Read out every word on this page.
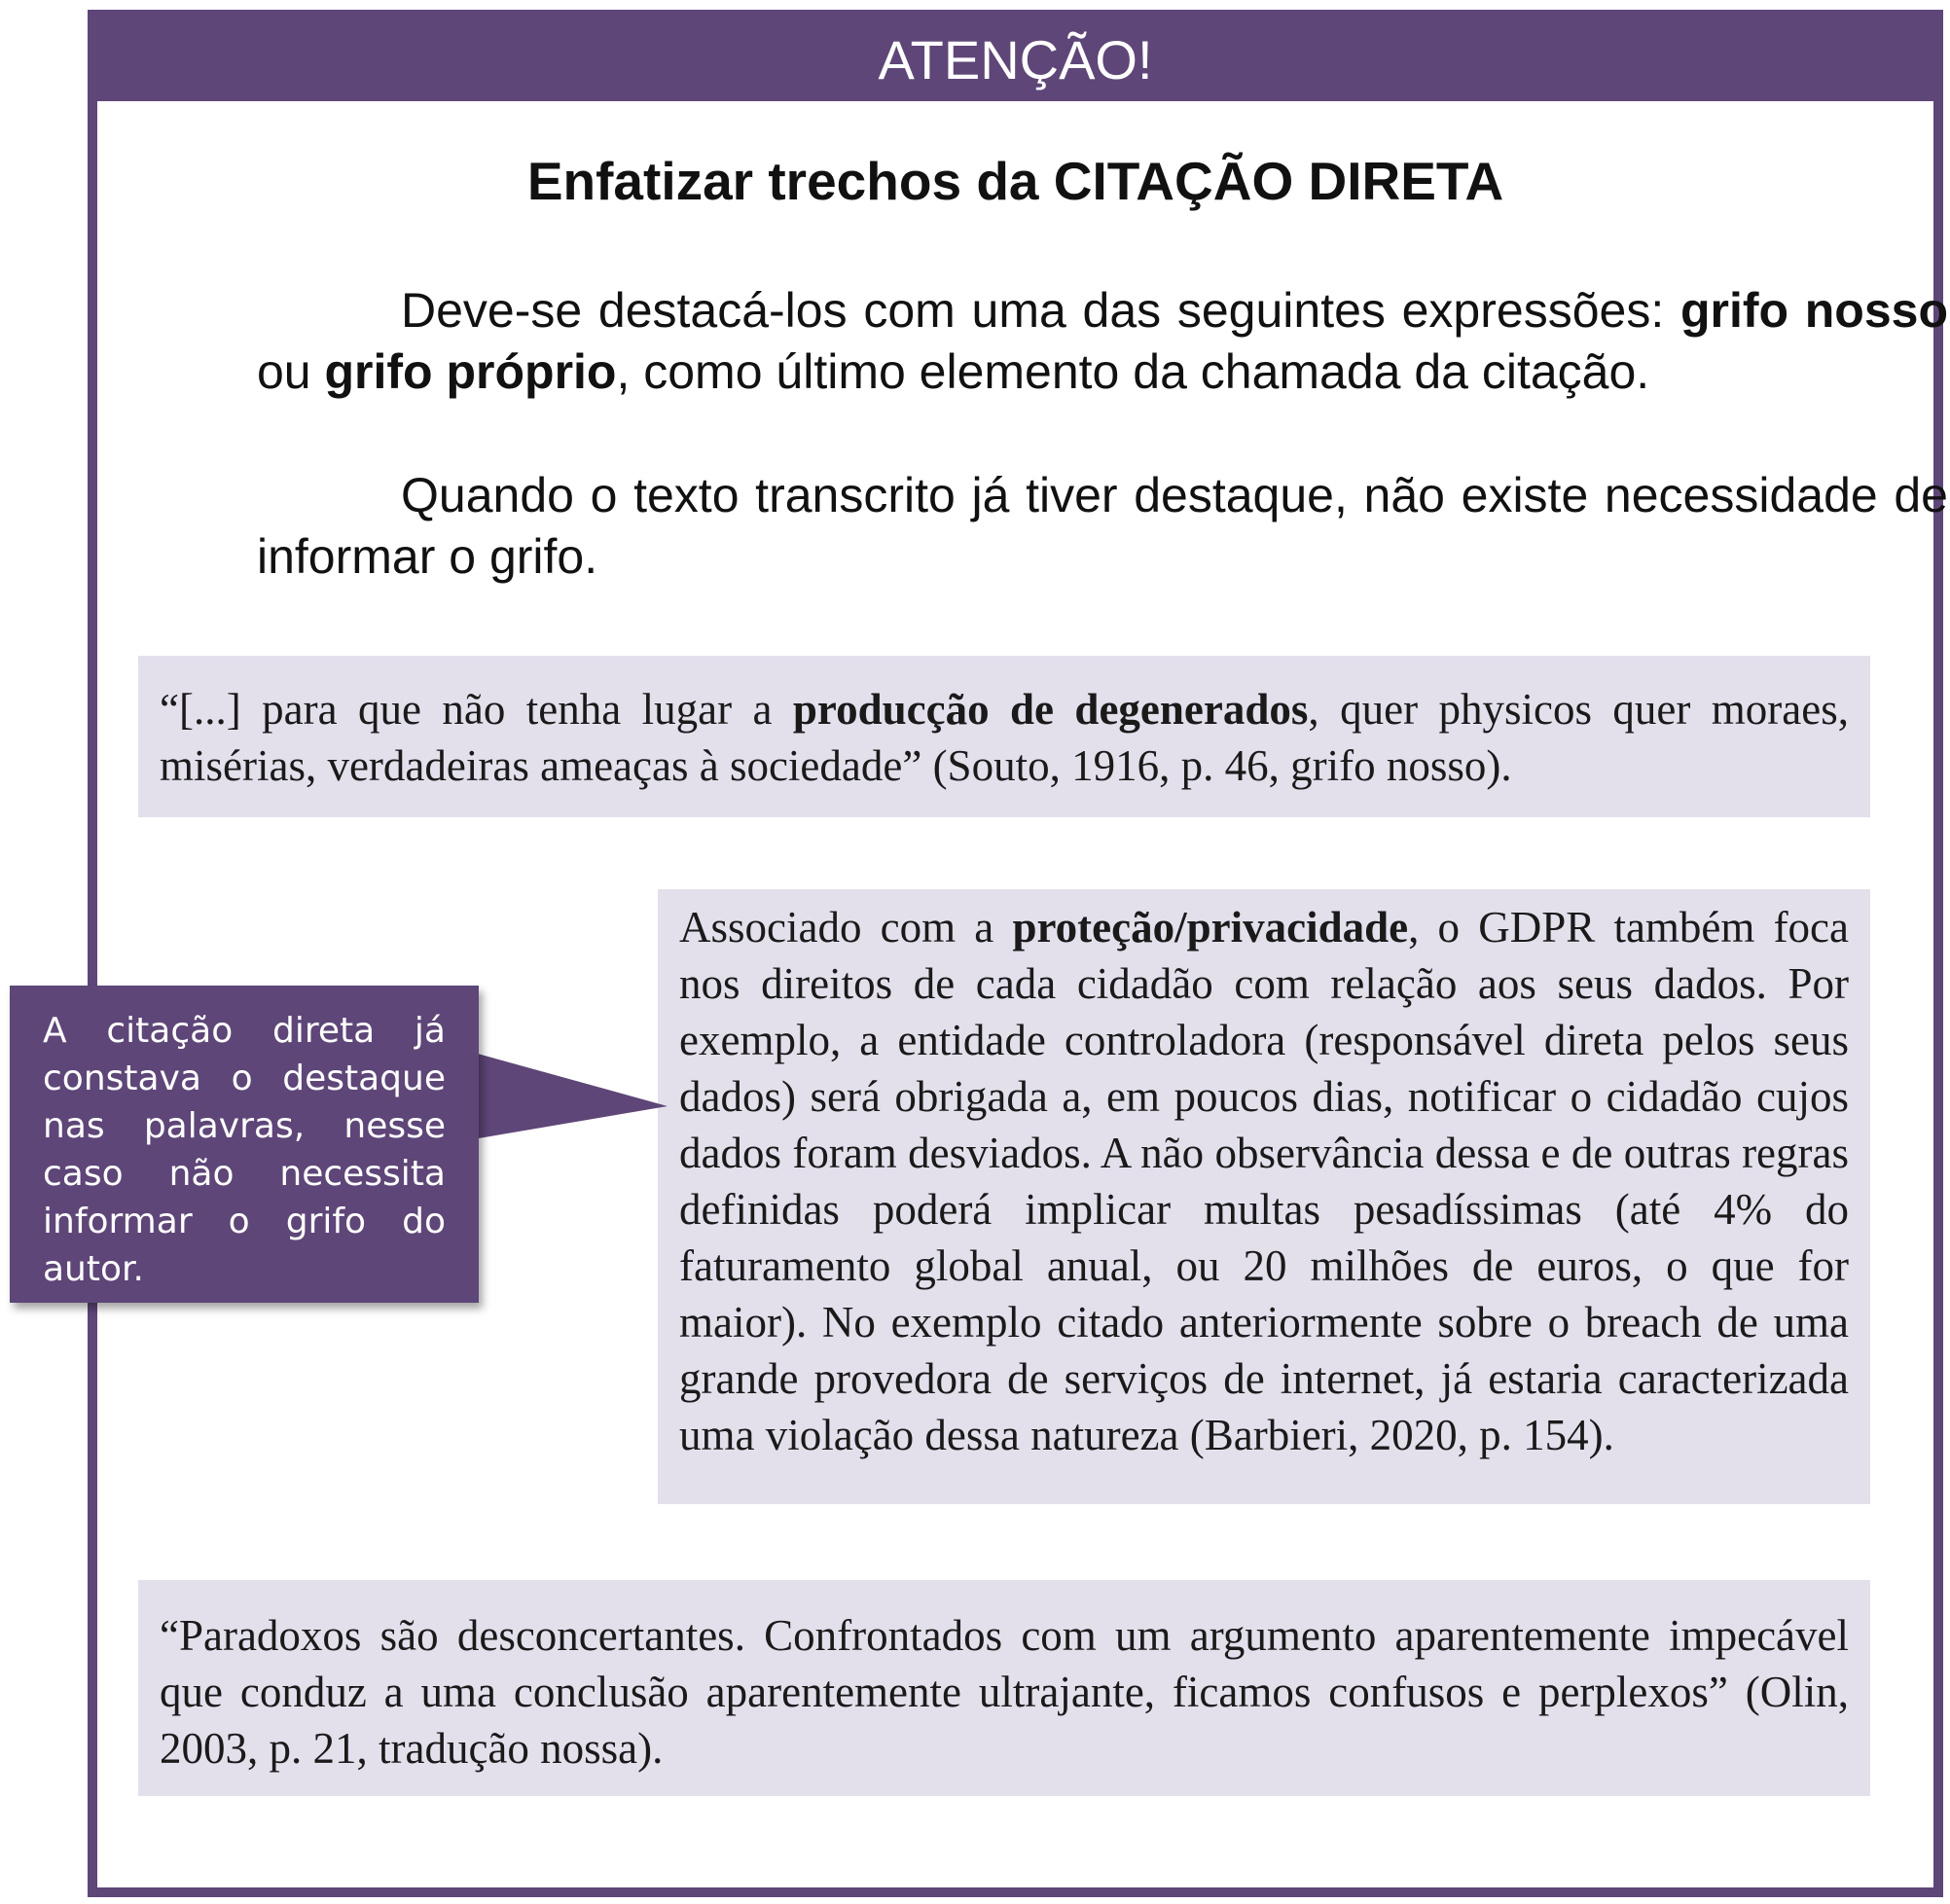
ATENÇÃO!
Enfatizar trechos da CITAÇÃO DIRETA
Deve-se destacá-los com uma das seguintes expressões: grifo nosso ou grifo próprio, como último elemento da chamada da citação.
Quando o texto transcrito já tiver destaque, não existe necessidade de informar o grifo.
“[...] para que não tenha lugar a producção de degenerados, quer physicos quer moraes, misérias, verdadeiras ameaças à sociedade” (Souto, 1916, p. 46, grifo nosso).
Associado com a proteção/privacidade, o GDPR também foca nos direitos de cada cidadão com relação aos seus dados. Por exemplo, a entidade controladora (responsável direta pelos seus dados) será obrigada a, em poucos dias, notificar o cidadão cujos dados foram desviados. A não observância dessa e de outras regras definidas poderá implicar multas pesadíssimas (até 4% do faturamento global anual, ou 20 milhões de euros, o que for maior). No exemplo citado anteriormente sobre o breach de uma grande provedora de serviços de internet, já estaria caracterizada uma violação dessa natureza (Barbieri, 2020, p. 154).
A citação direta já constava o destaque nas palavras, nesse caso não necessita informar o grifo do autor.
“Paradoxos são desconcertantes. Confrontados com um argumento aparentemente impecável que conduz a uma conclusão aparentemente ultrajante, ficamos confusos e perplexos” (Olin, 2003, p. 21, tradução nossa).
